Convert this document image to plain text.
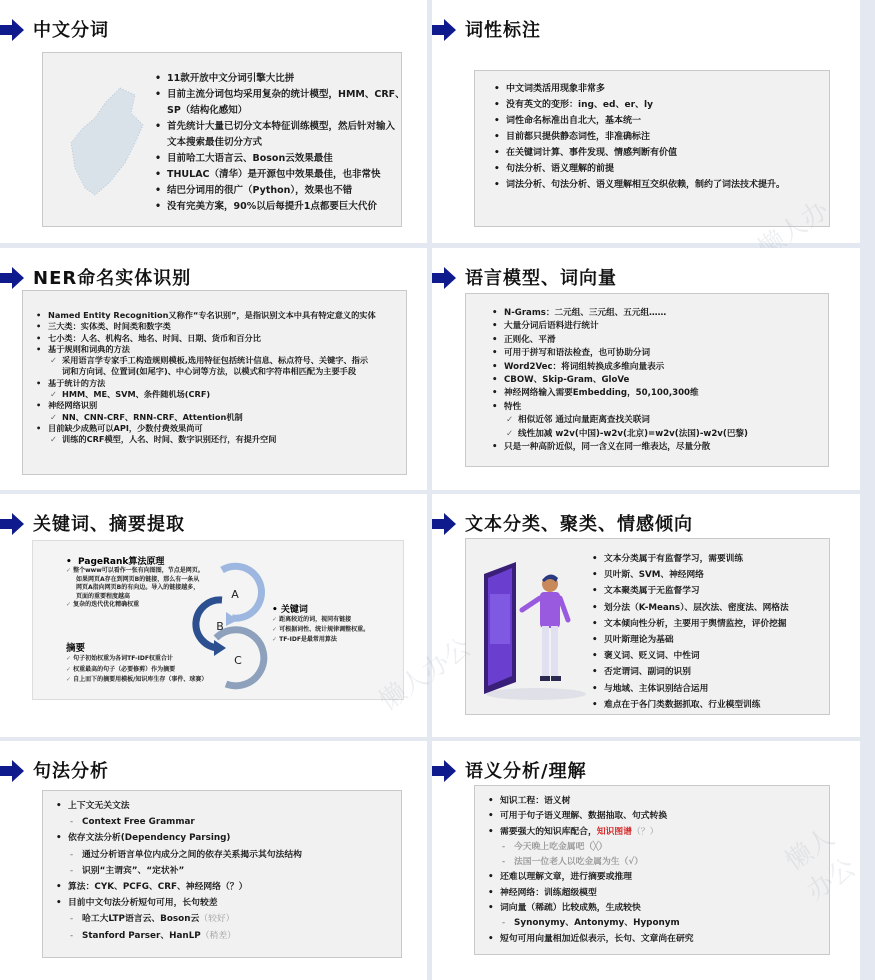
中文分词
• 11款开放中文分词引擎大比拼
• 目前主流分词包均采用复杂的统计模型，HMM、CRF、
SP（结构化感知）
• 首先统计大量已切分文本特征训练模型，然后针对输入
文本搜索最佳切分方式
• 目前哈工大语言云、Boson云效果最佳
• THULAC（清华）是开源包中效果最佳，也非常快
• 结巴分词用的很广（Python），效果也不错
• 没有完美方案，90%以后每提升1点都要巨大代价
词性标注
• 中文词类活用现象非常多
• 没有英文的变形：ing、ed、er、ly
• 词性命名标准出自北大，基本统一
• 目前都只提供静态词性，非准确标注
• 在关键词计算、事件发现、情感判断有价值
• 句法分析、语义理解的前提
• 词法分析、句法分析、语义理解相互交织依赖，制约了词法技术提升。
懒人办公
NER命名实体识别
• Named Entity Recognition又称作“专名识别”，是指识别文本中具有特定意义的实体
• 三大类：实体类、时间类和数字类
• 七小类：人名、机构名、地名、时间、日期、货币和百分比
• 基于规则和词典的方法
✓ 采用语言学专家手工构造规则模板,选用特征包括统计信息、标点符号、关键字、指示
词和方向词、位置词(如尾字)、中心词等方法，以模式和字符串相匹配为主要手段
• 基于统计的方法
✓ HMM、ME、SVM、条件随机场(CRF)
• 神经网络识别
✓ NN、CNN-CRF、RNN-CRF、Attention机制
• 目前缺少成熟可以API，少数付费效果尚可
✓ 训练的CRF模型，人名、时间、数字识别还行，有提升空间
语言模型、词向量
• N-Grams：二元组、三元组、五元组……
• 大量分词后语料进行统计
• 正则化、平滑
• 可用于拼写和语法检查，也可协助分词
• Word2Vec：将词组转换成多维向量表示
• CBOW、Skip-Gram、GloVe
• 神经网络输入需要Embedding，50,100,300维
• 特性
✓ 相似近邻 通过向量距离查找关联词
✓ 线性加减 w2v(中国)-w2v(北京)=w2v(法国)-w2v(巴黎)
• 只是一种高阶近似，同一含义在同一维表达，尽量分散
关键词、摘要提取
•  PageRank算法原理
✓ 整个www可以看作一张有向图图，节点是网页。
如果网页A存在到网页B的链接，那么有一条从
网页A指向网页B的有向边。导入的链接越多，
页面的重要程度越高
✓ 复杂的迭代优化精确权重
摘要
✓ 句子初始权重为各词TF-IDF权重合计
✓ 权重最高的句子（必要修剪）作为摘要
✓ 自上而下的摘要用模板/知识库生存（事件、球赛）
A
B
C
• 关键词
✓ 距离较近的词，视同有链接
✓ 可根据词性、统计规律调整权重。
✓ TF-IDF是最常用算法
文本分类、聚类、情感倾向
• 文本分类属于有监督学习，需要训练
• 贝叶斯、SVM、神经网络
• 文本聚类属于无监督学习
• 划分法（K-Means）、层次法、密度法、网格法
• 文本倾向性分析，主要用于舆情监控，评价挖掘
• 贝叶斯理论为基础
• 褒义词、贬义词、中性词
• 否定谓词、副词的识别
• 与地域、主体识别结合运用
• 难点在于各门类数据抓取、行业模型训练
句法分析
• 上下文无关文法
-	Context Free Grammar
• 依存文法分析(Dependency Parsing)
-	通过分析语言单位内成分之间的依存关系揭示其句法结构
-	识别“主谓宾”、“定状补”
• 算法：CYK、PCFG、CRF、神经网络（？）
• 目前中文句法分析短句可用，长句较差
-	哈工大LTP语言云、Boson云 （较好）
-	Stanford Parser、HanLP （稍差）
语义分析/理解
• 知识工程：语义树
• 可用于句子语义理解、数据抽取、句式转换
• 需要强大的知识库配合， 知识图谱 （？）
-	今天晚上吃金属吧（╳）
-	法国一位老人以吃金属为生（√）
• 还难以理解文章，进行摘要或推理
• 神经网络：训练超级模型
• 词向量（稀疏）比较成熟，生成较快
-	Synonymy、Antonymy、Hyponym
• 短句可用向量相加近似表示，长句、文章尚在研究
懒人办公
